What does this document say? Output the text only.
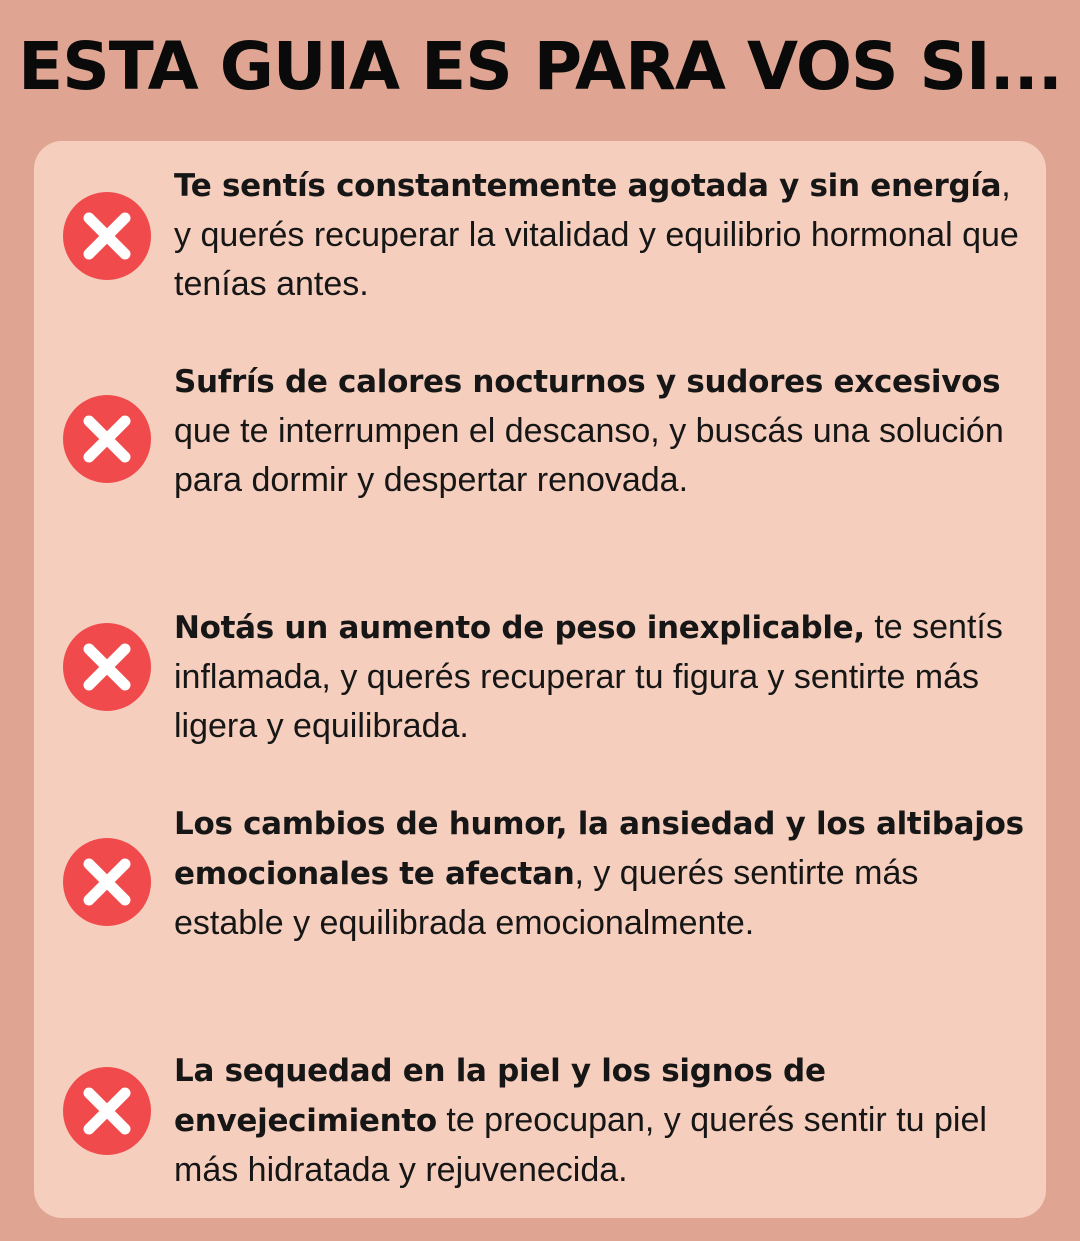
ESTA GUIA ES PARA VOS SI...
Te sentís constantemente agotada y sin energía, y querés recuperar la vitalidad y equilibrio hormonal que tenías antes.
Sufrís de calores nocturnos y sudores excesivos que te interrumpen el descanso, y buscás una solución para dormir y despertar renovada.
Notás un aumento de peso inexplicable, te sentís inflamada, y querés recuperar tu figura y sentirte más ligera y equilibrada.
Los cambios de humor, la ansiedad y los altibajos emocionales te afectan, y querés sentirte más estable y equilibrada emocionalmente.
La sequedad en la piel y los signos de envejecimiento te preocupan, y querés sentir tu piel más hidratada y rejuvenecida.
